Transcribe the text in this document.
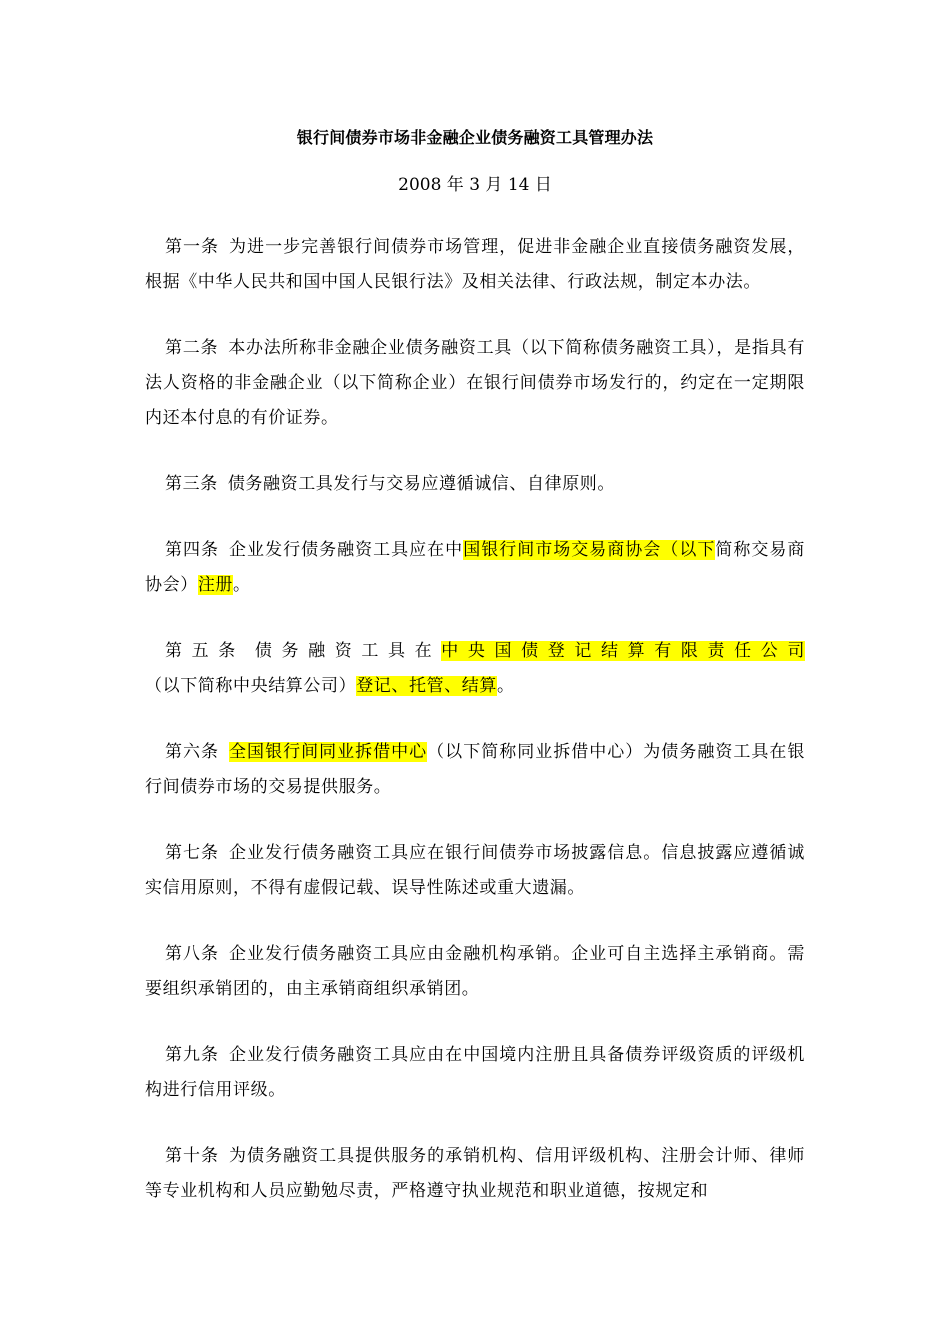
银行间债券市场非金融企业债务融资工具管理办法
2008 年 3 月 14 日

第一条 为进一步完善银行间债券市场管理，促进非金融企业直接债务融资发展，根据《中华人民共和国中国人民银行法》及相关法律、行政法规，制定本办法。

第二条 本办法所称非金融企业债务融资工具（以下简称债务融资工具），是指具有法人资格的非金融企业（以下简称企业）在银行间债券市场发行的，约定在一定期限内还本付息的有价证券。

第三条 债务融资工具发行与交易应遵循诚信、自律原则。

第四条 企业发行债务融资工具应在中国银行间市场交易商协会（以下简称交易商协会）注册。

第五条 债务融资工具在中央国债登记结算有限责任公司（以下简称中央结算公司）登记、托管、结算。

第六条 全国银行间同业拆借中心（以下简称同业拆借中心）为债务融资工具在银行间债券市场的交易提供服务。

第七条 企业发行债务融资工具应在银行间债券市场披露信息。信息披露应遵循诚实信用原则，不得有虚假记载、误导性陈述或重大遗漏。

第八条 企业发行债务融资工具应由金融机构承销。企业可自主选择主承销商。需要组织承销团的，由主承销商组织承销团。

第九条 企业发行债务融资工具应由在中国境内注册且具备债券评级资质的评级机构进行信用评级。

第十条 为债务融资工具提供服务的承销机构、信用评级机构、注册会计师、律师等专业机构和人员应勤勉尽责，严格遵守执业规范和职业道德，按规定和
